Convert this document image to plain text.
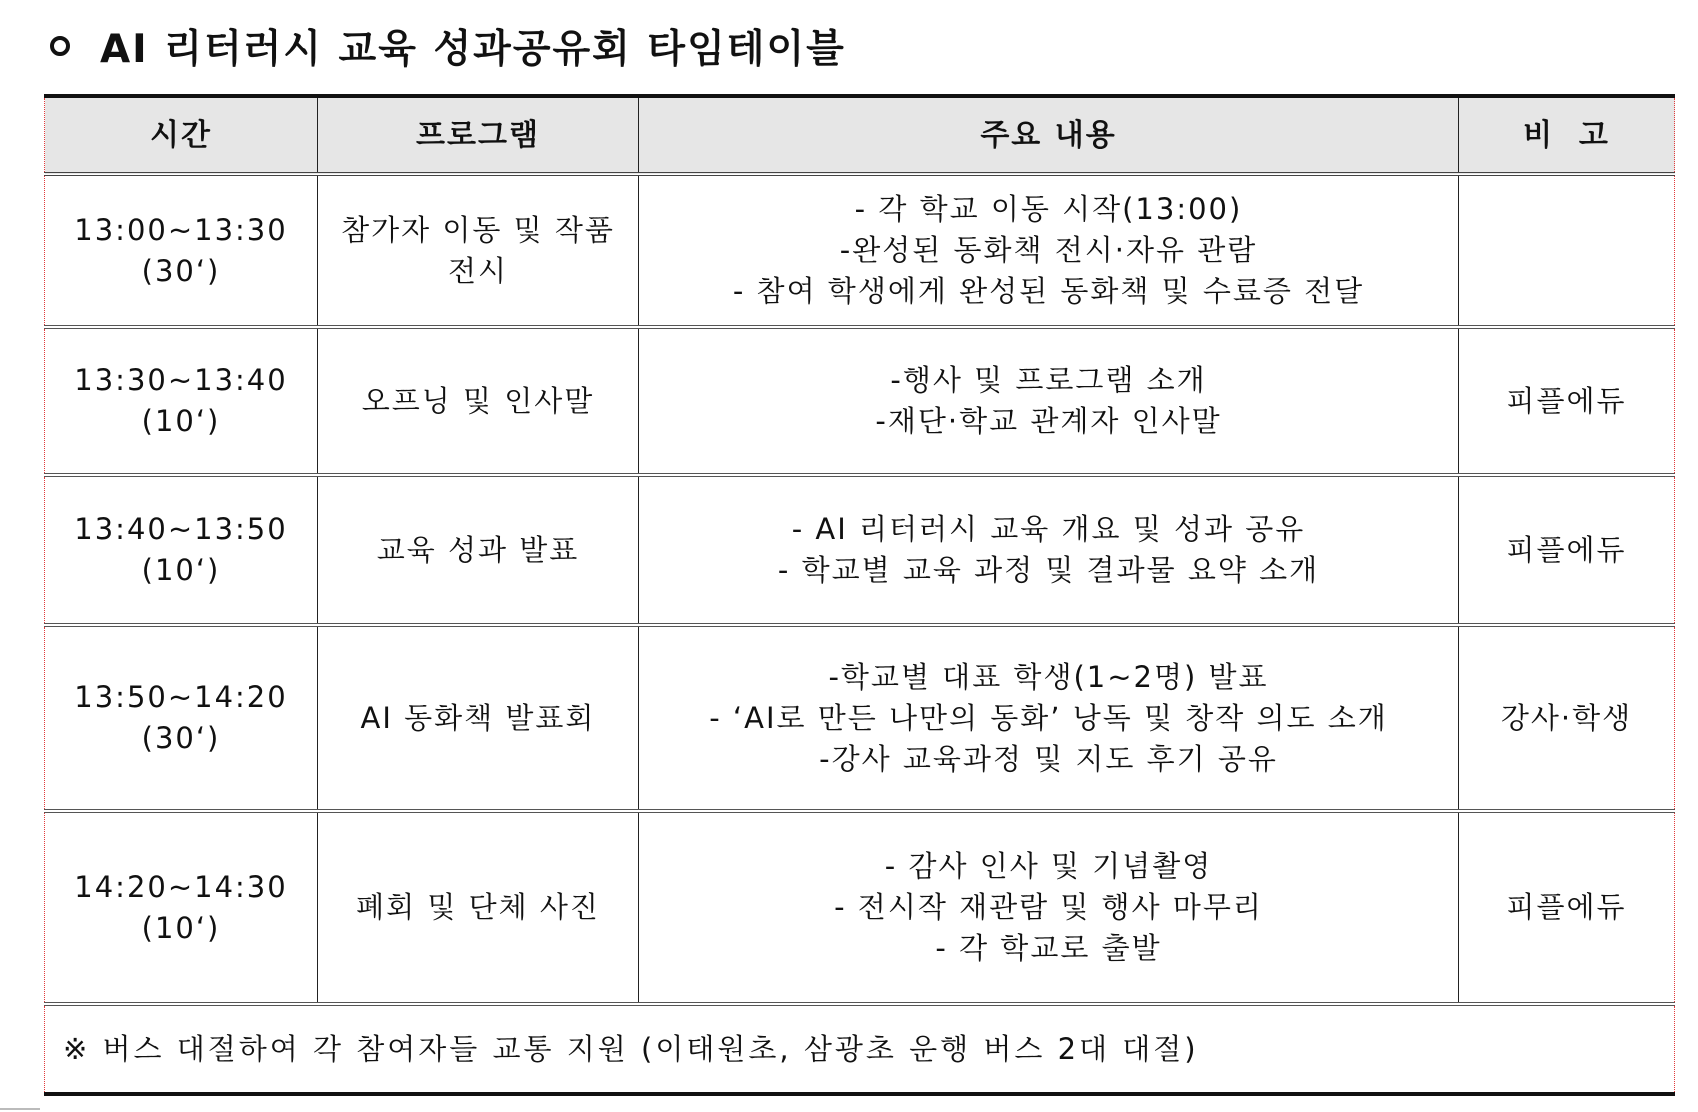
AI 리터러시 교육 성과공유회 타임테이블
시간	프로그램	주요 내용	비  고

13:00~13:30
(30‘)	참가자 이동 및 작품
전시	- 각 학교 이동 시작(13:00)
-완성된 동화책 전시·자유 관람
- 참여 학생에게 완성된 동화책 및 수료증 전달	

13:30~13:40
(10‘)	오프닝 및 인사말	-행사 및 프로그램 소개
-재단·학교 관계자 인사말	피플에듀

13:40~13:50
(10‘)	교육 성과 발표	- AI 리터러시 교육 개요 및 성과 공유
- 학교별 교육 과정 및 결과물 요약 소개	피플에듀

13:50~14:20
(30‘)	AI 동화책 발표회	-학교별 대표 학생(1~2명) 발표
- ‘AI로 만든 나만의 동화’ 낭독 및 창작 의도 소개
-강사 교육과정 및 지도 후기 공유	강사·학생

14:20~14:30
(10‘)	폐회 및 단체 사진	- 감사 인사 및 기념촬영
- 전시작 재관람 및 행사 마무리
- 각 학교로 출발	피플에듀
※ 버스 대절하여 각 참여자들 교통 지원 (이태원초, 삼광초 운행 버스 2대 대절)			
